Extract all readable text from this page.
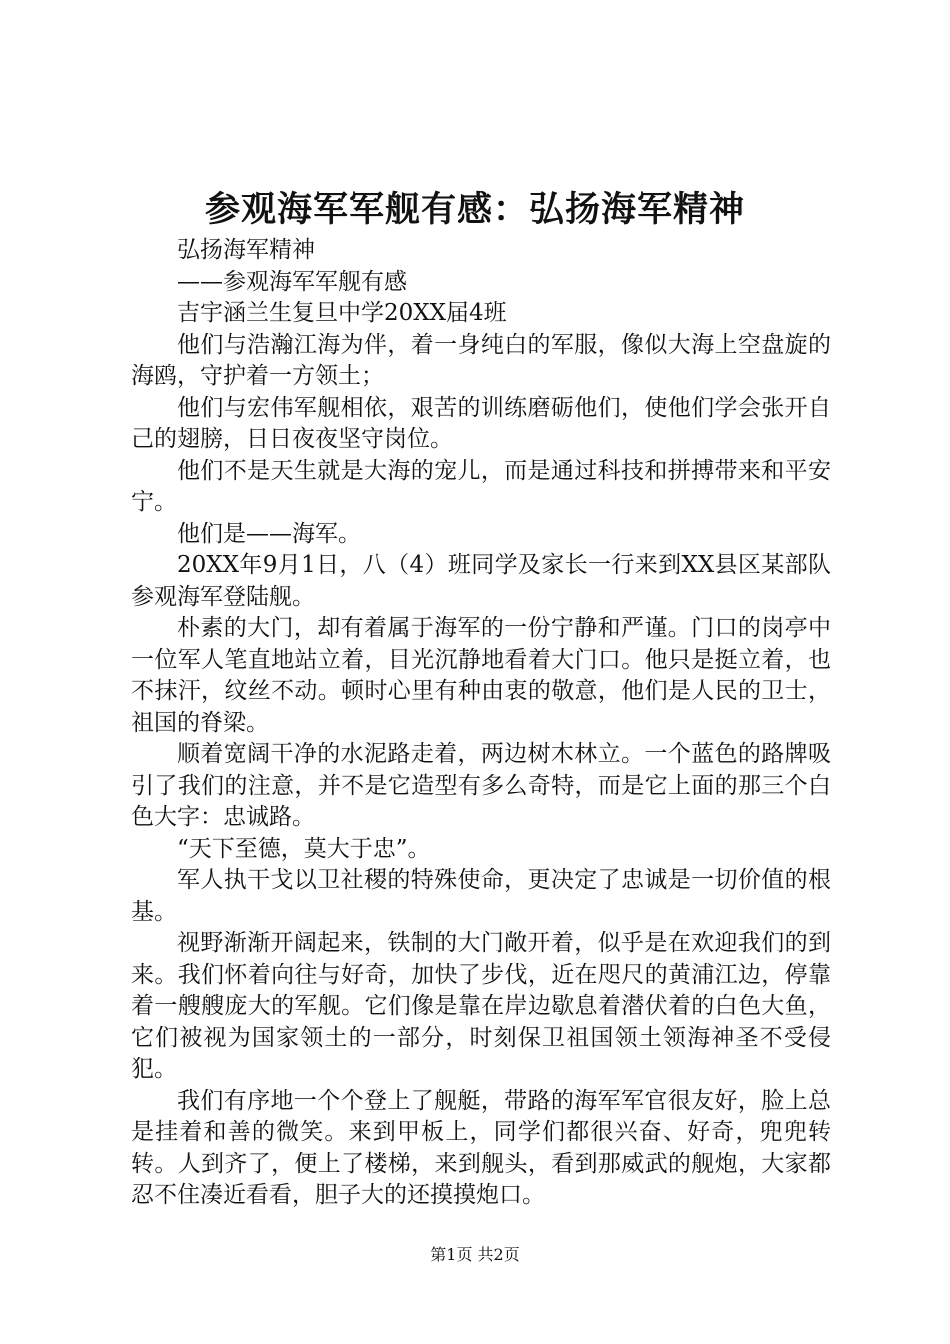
参观海军军舰有感：弘扬海军精神

弘扬海军精神

——参观海军军舰有感

吉宇涵兰生复旦中学20XX届4班

他们与浩瀚江海为伴，着一身纯白的军服，像似大海上空盘旋的海鸥，守护着一方领土；

他们与宏伟军舰相依，艰苦的训练磨砺他们，使他们学会张开自己的翅膀，日日夜夜坚守岗位。

他们不是天生就是大海的宠儿，而是通过科技和拼搏带来和平安宁。

他们是——海军。

20XX年9月1日，八（4）班同学及家长一行来到XX县区某部队参观海军登陆舰。

朴素的大门，却有着属于海军的一份宁静和严谨。门口的岗亭中一位军人笔直地站立着，目光沉静地看着大门口。他只是挺立着，也不抹汗，纹丝不动。顿时心里有种由衷的敬意，他们是人民的卫士，祖国的脊梁。

顺着宽阔干净的水泥路走着，两边树木林立。一个蓝色的路牌吸引了我们的注意，并不是它造型有多么奇特，而是它上面的那三个白色大字：忠诚路。

“天下至德，莫大于忠”。

军人执干戈以卫社稷的特殊使命，更决定了忠诚是一切价值的根基。

视野渐渐开阔起来，铁制的大门敞开着，似乎是在欢迎我们的到来。我们怀着向往与好奇，加快了步伐，近在咫尺的黄浦江边，停靠着一艘艘庞大的军舰。它们像是靠在岸边歇息着潜伏着的白色大鱼，它们被视为国家领土的一部分，时刻保卫祖国领土领海神圣不受侵犯。

我们有序地一个个登上了舰艇，带路的海军军官很友好，脸上总是挂着和善的微笑。来到甲板上，同学们都很兴奋、好奇，兜兜转转。人到齐了，便上了楼梯，来到舰头，看到那威武的舰炮，大家都忍不住凑近看看，胆子大的还摸摸炮口。

第1页 共2页
